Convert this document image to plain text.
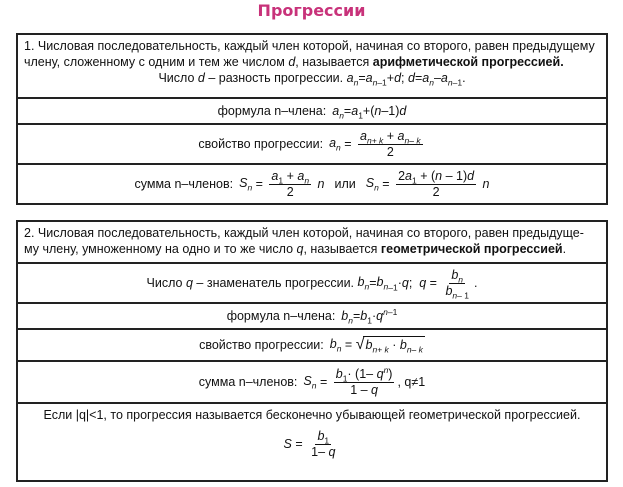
Прогрессии
1. Числовая последовательность, каждый член которой, начиная со второго, равен предыдущему
члену, сложенному с одним и тем же числом d, называется арифметической прогрессией.
Число d – разность прогрессии. $a_n=a_{n-1}+d$; $d=a_n-a_{n-1}$.
формула n–члена: $a_n=a_1+(n-1)d$
свойство прогрессии: $a_n = \frac{a_{n+ k} + a_{n- k}}{2}$
сумма n–членов: $S_n = \frac{a_1 + a_n}{2}$ n или $S_n = \frac{2a_1 + (n - 1)d}{2}$ n
2. Числовая последовательность, каждый член которой, начиная со второго, равен предыдуще-
му члену, умноженному на одно и то же число q, называется геометрической прогрессией.
Число
q
– знаменатель прогрессии.
$b_n=b_{n-1}\cdot q$;  $q = \frac{b_n}{b_{n- 1}}$ .
формула n–члена: $b_n=b_1\cdot q^{n-1}$
свойство прогрессии: $b_n$ = √ $b_{n+ k} \cdot b_{n- k}$
сумма n–членов: $S_n = \frac{b_1\cdot (1- q^n)}{1 - q}$ , q≠1
Если |q|<1, то прогрессия называется бесконечно убывающей геометрической прогрессией.
$S = \frac{b_1}{1- q}$
